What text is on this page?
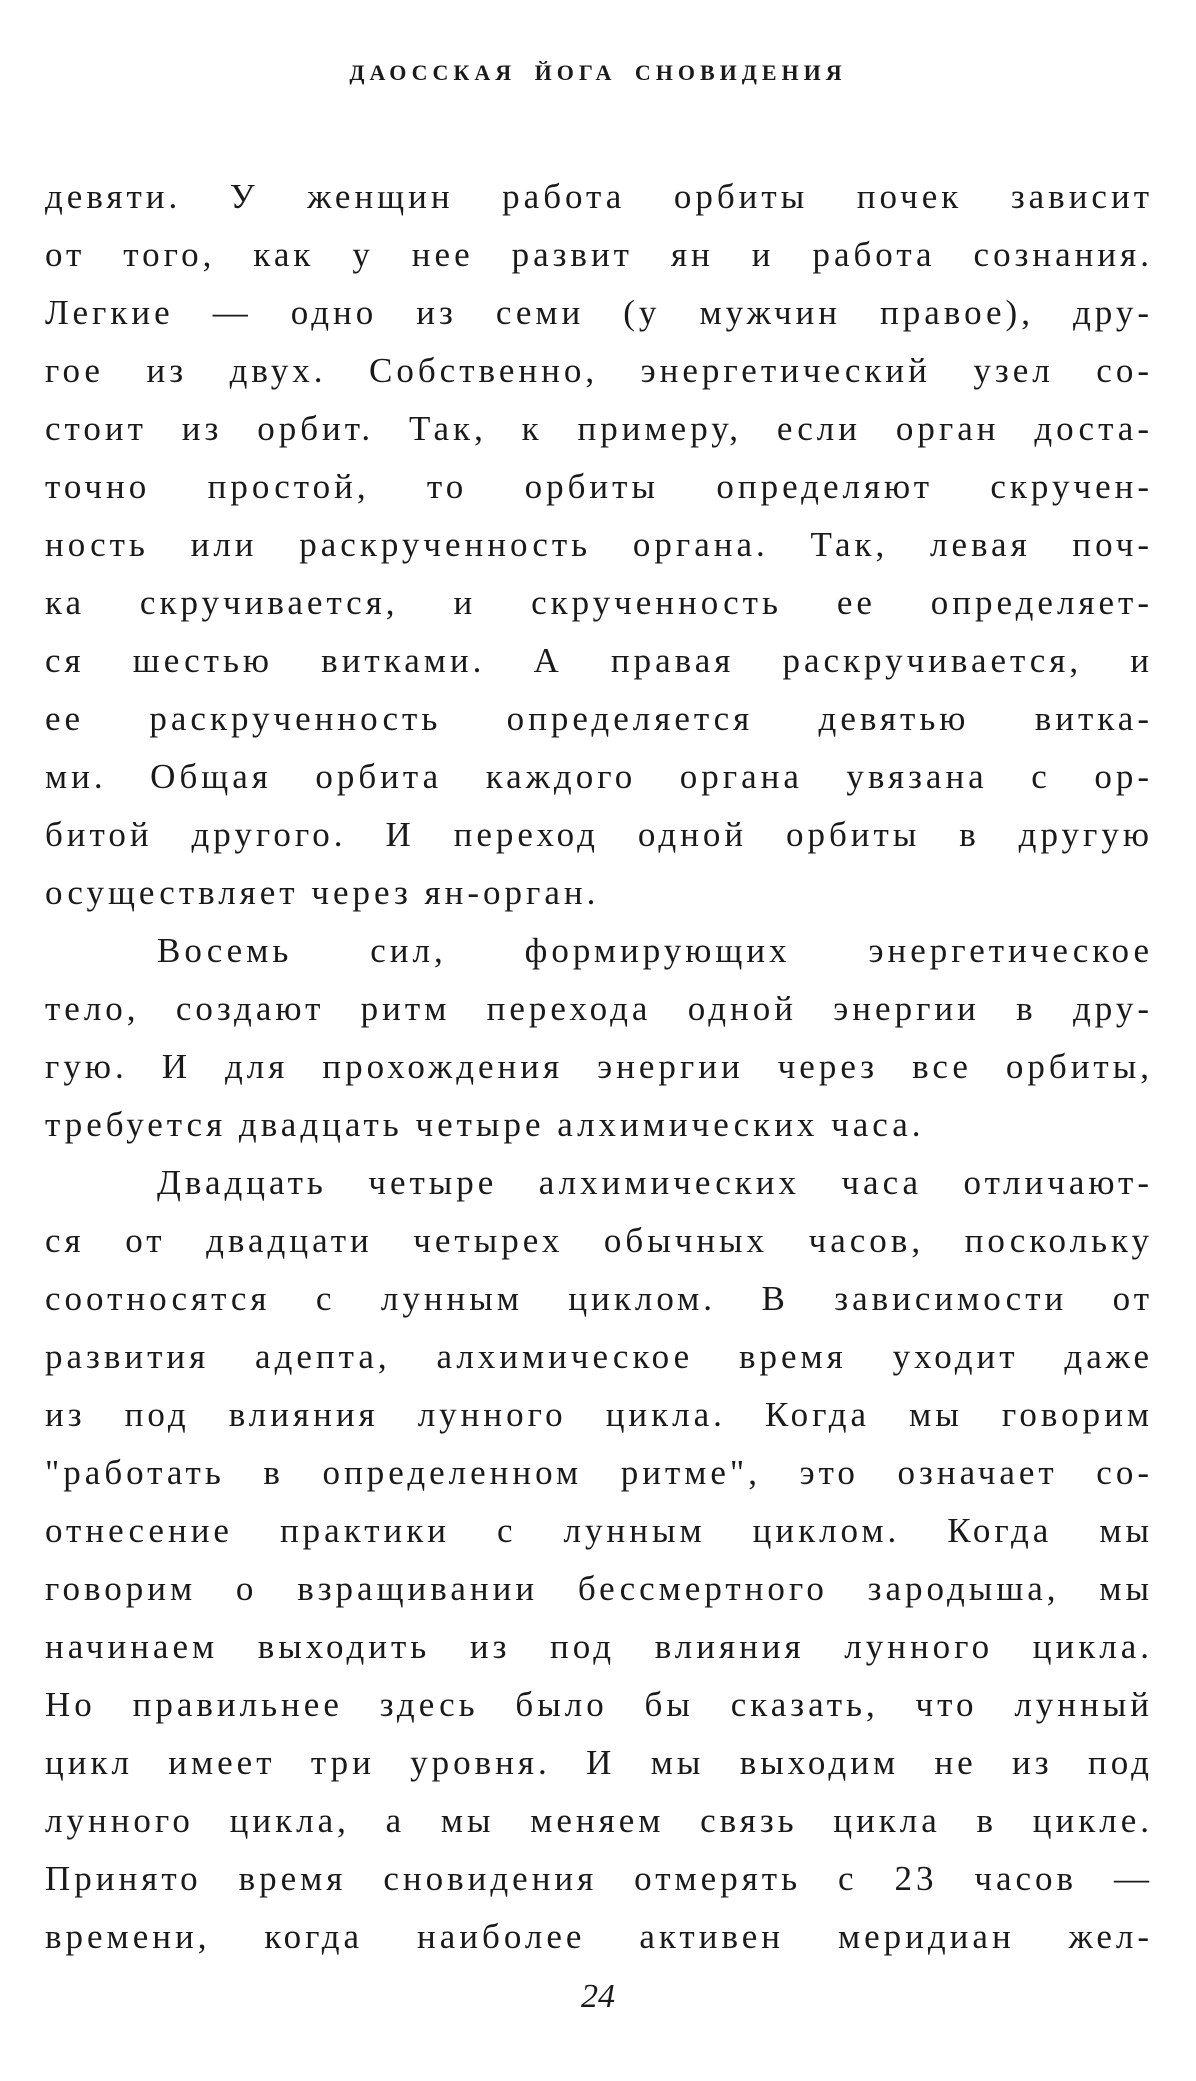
ДАОССКАЯ ЙОГА СНОВИДЕНИЯ
девяти. У женщин работа орбиты почек зависит
от того, как у нее развит ян и работа сознания.
Легкие — одно из семи (у мужчин правое), дру-
гое из двух. Собственно, энергетический узел со-
стоит из орбит. Так, к примеру, если орган доста-
точно простой, то орбиты определяют скручен-
ность или раскрученность органа. Так, левая поч-
ка скручивается, и скрученность ее определяет-
ся шестью витками. А правая раскручивается, и
ее раскрученность определяется девятью витка-
ми. Общая орбита каждого органа увязана с ор-
битой другого. И переход одной орбиты в другую
осуществляет через ян-орган.
Восемь сил, формирующих энергетическое
тело, создают ритм перехода одной энергии в дру-
гую. И для прохождения энергии через все орбиты,
требуется двадцать четыре алхимических часа.
Двадцать четыре алхимических часа отличают-
ся от двадцати четырех обычных часов, поскольку
соотносятся с лунным циклом. В зависимости от
развития адепта, алхимическое время уходит даже
из под влияния лунного цикла. Когда мы говорим
"работать в определенном ритме", это означает со-
отнесение практики с лунным циклом. Когда мы
говорим о взращивании бессмертного зародыша, мы
начинаем выходить из под влияния лунного цикла.
Но правильнее здесь было бы сказать, что лунный
цикл имеет три уровня. И мы выходим не из под
лунного цикла, а мы меняем связь цикла в цикле.
Принято время сновидения отмерять с 23 часов —
времени, когда наиболее активен меридиан жел-
24
